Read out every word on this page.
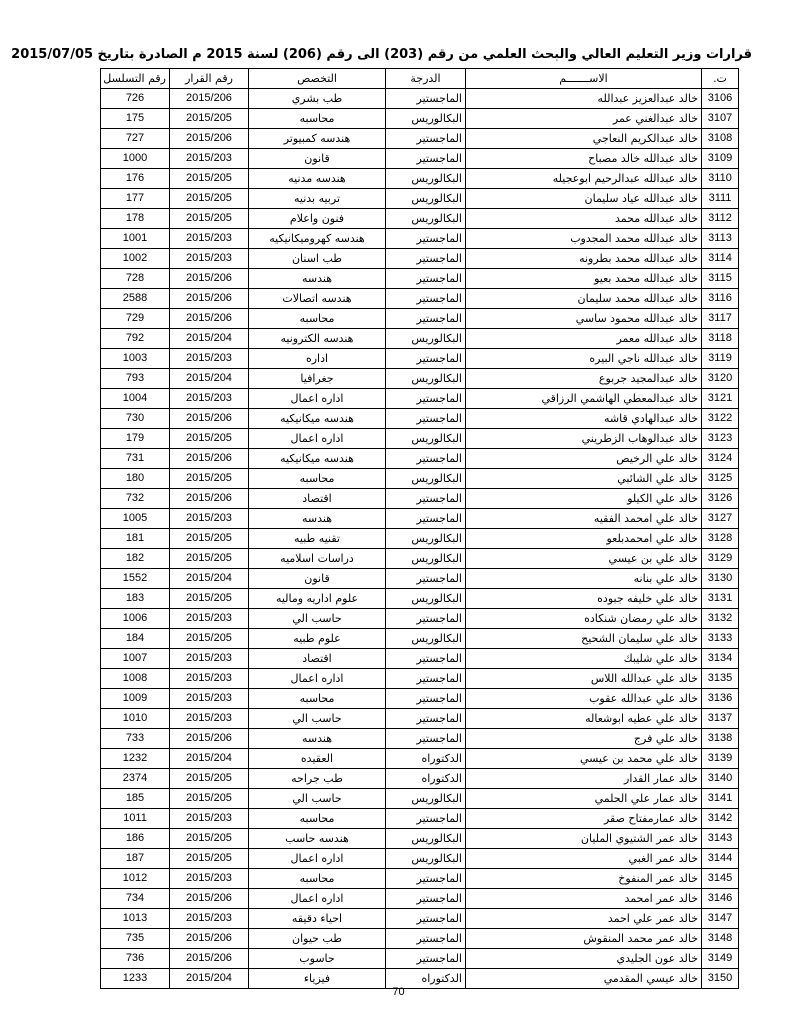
قرارات وزير التعليم العالي والبحث العلمي من رقم (203) الى رقم (206) لسنة 2015 م الصادرة بتاريخ 2015/07/05
ت.	الاســـــــم	الدرجة	التخصص	رقم القرار	رقم التسلسل
3106	خالد عبدالعزيز عبدالله	الماجستير	طب بشري	2015/206	726
3107	خالد عبدالغني عمر	البكالوريس	محاسبه	2015/205	175
3108	خالد عبدالكريم النعاجي	الماجستير	هندسه كمبيوتر	2015/206	727
3109	خالد عبدالله خالد مصباح	الماجستير	قانون	2015/203	1000
3110	خالد عبدالله عبدالرحيم ابوعجيله	البكالوريس	هندسه مدنيه	2015/205	176
3111	خالد عبدالله عياد سليمان	البكالوريس	تربيه بدنيه	2015/205	177
3112	خالد عبدالله محمد	البكالوريس	فنون واعلام	2015/205	178
3113	خالد عبدالله محمد المجدوب	الماجستير	هندسه كهروميكانيكيه	2015/203	1001
3114	خالد عبدالله محمد بطرونه	الماجستير	طب اسنان	2015/203	1002
3115	خالد عبدالله محمد بعيو	الماجستير	هندسه	2015/206	728
3116	خالد عبدالله محمد سليمان	الماجستير	هندسه اتصالات	2015/206	2588
3117	خالد عبدالله محمود ساسي	الماجستير	محاسبه	2015/206	729
3118	خالد عبدالله معمر	البكالوريس	هندسه الكترونيه	2015/204	792
3119	خالد عبدالله ناجي البيره	الماجستير	اداره	2015/203	1003
3120	خالد عبدالمجيد جربوع	البكالوريس	جغرافيا	2015/204	793
3121	خالد عبدالمعطي الهاشمي الرزاقي	الماجستير	اداره اعمال	2015/203	1004
3122	خالد عبدالهادي قاشه	الماجستير	هندسه ميكانيكيه	2015/206	730
3123	خالد عبدالوهاب الزطريني	البكالوريس	اداره اعمال	2015/205	179
3124	خالد علي الرخيص	الماجستير	هندسه ميكانيكيه	2015/206	731
3125	خالد علي الشائبي	البكالوريس	محاسبه	2015/205	180
3126	خالد علي الكيلو	الماجستير	اقتصاد	2015/206	732
3127	خالد علي امحمد الفقيه	الماجستير	هندسه	2015/203	1005
3128	خالد علي امحمدبلعو	البكالوريس	تقنيه طبيه	2015/205	181
3129	خالد علي بن عيسي	البكالوريس	دراسات اسلاميه	2015/205	182
3130	خالد علي بنانه	الماجستير	قانون	2015/204	1552
3131	خالد علي خليفه جبوده	البكالوريس	علوم اداريه وماليه	2015/205	183
3132	خالد علي رمضان شنكاده	الماجستير	حاسب الي	2015/203	1006
3133	خالد علي سليمان الشحيح	البكالوريس	علوم طبيه	2015/205	184
3134	خالد علي شليبك	الماجستير	اقتصاد	2015/203	1007
3135	خالد علي عبدالله اللاس	الماجستير	اداره اعمال	2015/203	1008
3136	خالد علي عبدالله عقوب	الماجستير	محاسبه	2015/203	1009
3137	خالد علي عطيه ابوشعاله	الماجستير	حاسب الي	2015/203	1010
3138	خالد علي فرج	الماجستير	هندسه	2015/206	733
3139	خالد علي محمد بن عيسي	الدكتوراه	العقيده	2015/204	1232
3140	خالد عمار القدار	الدكتوراه	طب جراحه	2015/205	2374
3141	خالد عمار علي الحلمي	البكالوريس	حاسب الي	2015/205	185
3142	خالد عمارمفتاح صقر	الماجستير	محاسبه	2015/203	1011
3143	خالد عمر الشتيوي المليان	البكالوريس	هندسه حاسب	2015/205	186
3144	خالد عمر الغبي	البكالوريس	اداره اعمال	2015/205	187
3145	خالد عمر المنفوخ	الماجستير	محاسبه	2015/203	1012
3146	خالد عمر امحمد	الماجستير	اداره اعمال	2015/206	734
3147	خالد عمر علي احمد	الماجستير	احياء دقيقه	2015/203	1013
3148	خالد عمر محمد المنقوش	الماجستير	طب حيوان	2015/206	735
3149	خالد عون الجليدي	الماجستير	حاسوب	2015/206	736
3150	خالد عيسي المقدمي	الدكتوراه	فيزياء	2015/204	1233
70
